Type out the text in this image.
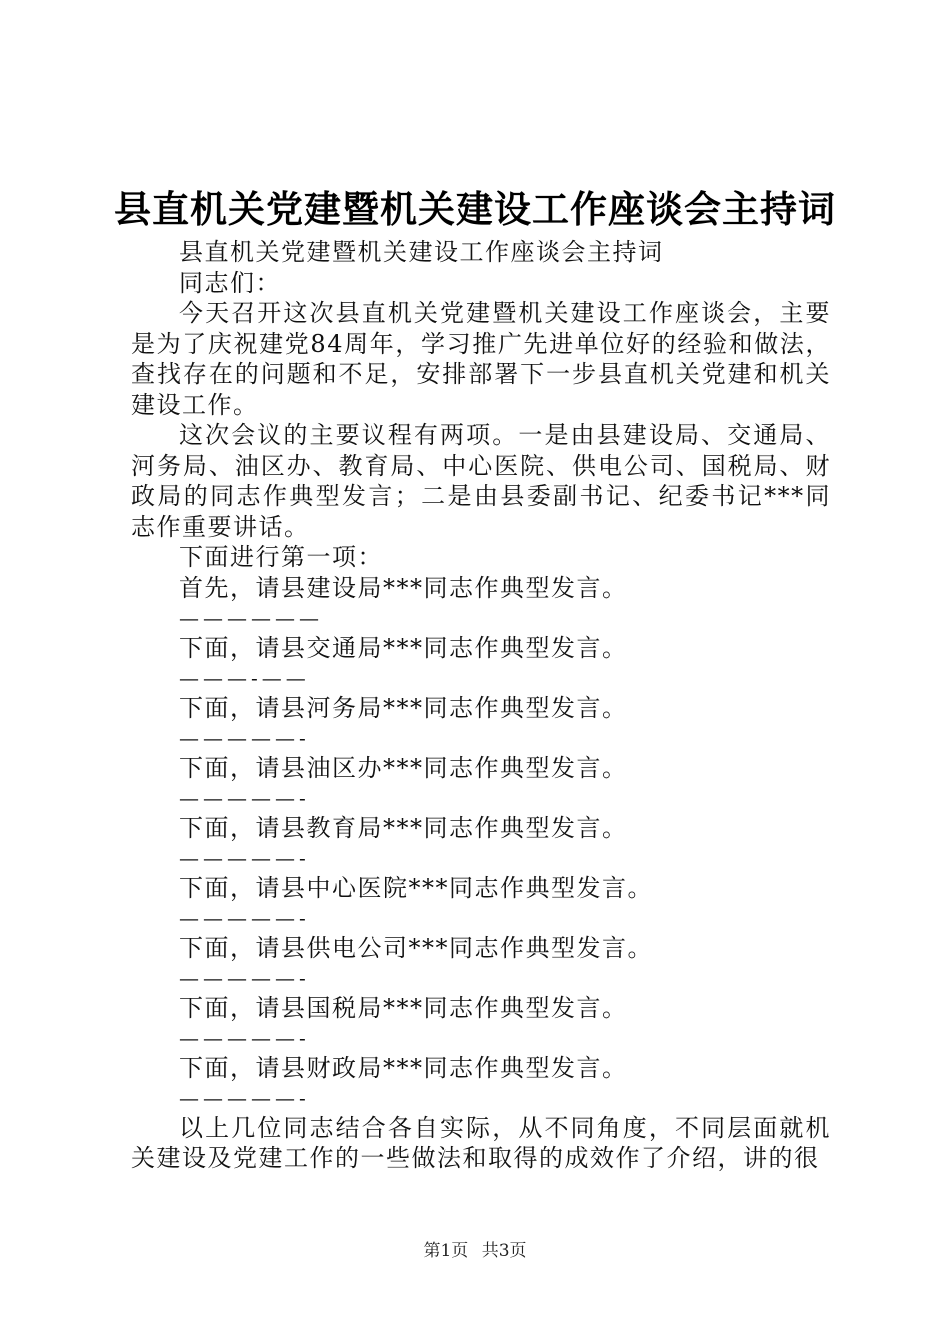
县直机关党建暨机关建设工作座谈会主持词

县直机关党建暨机关建设工作座谈会主持词

同志们：

今天召开这次县直机关党建暨机关建设工作座谈会，主要是为了庆祝建党84周年，学习推广先进单位好的经验和做法，查找存在的问题和不足，安排部署下一步县直机关党建和机关建设工作。

这次会议的主要议程有两项。一是由县建设局、交通局、河务局、油区办、教育局、中心医院、供电公司、国税局、财政局的同志作典型发言；二是由县委副书记、纪委书记***同志作重要讲话。

下面进行第一项：

首先，请县建设局***同志作典型发言。

——————

下面，请县交通局***同志作典型发言。

———-——

下面，请县河务局***同志作典型发言。

—————-

下面，请县油区办***同志作典型发言。

—————-

下面，请县教育局***同志作典型发言。

—————-

下面，请县中心医院***同志作典型发言。

—————-

下面，请县供电公司***同志作典型发言。

—————-

下面，请县国税局***同志作典型发言。

—————-

下面，请县财政局***同志作典型发言。

—————-

以上几位同志结合各自实际，从不同角度，不同层面就机关建设及党建工作的一些做法和取得的成效作了介绍，讲的很

第1页 共3页
